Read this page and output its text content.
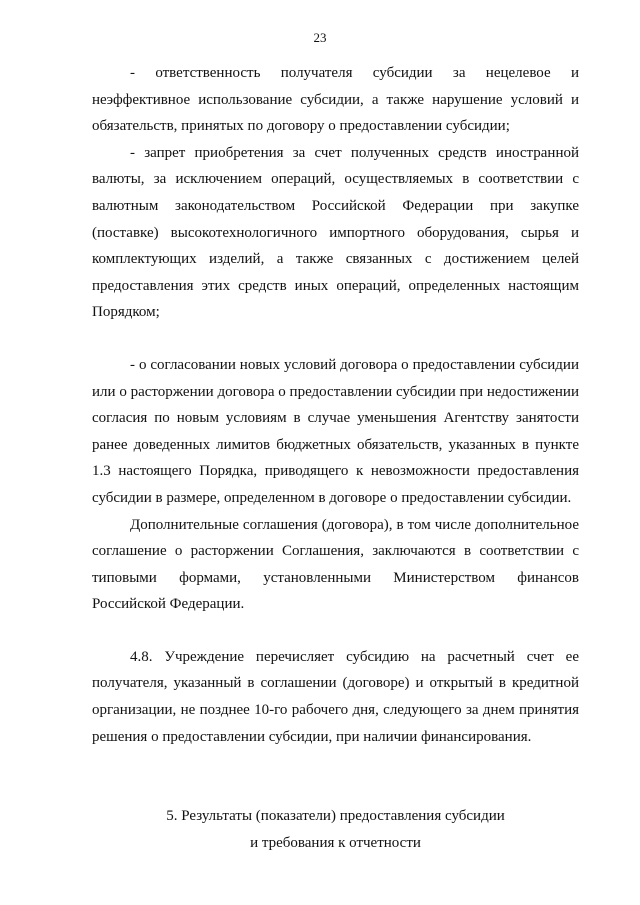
23

- ответственность получателя субсидии за нецелевое и неэффективное использование субсидии, а также нарушение условий и обязательств, принятых по договору о предоставлении субсидии;

- запрет приобретения за счет полученных средств иностранной валюты, за исключением операций, осуществляемых в соответствии с валютным законодательством Российской Федерации при закупке (поставке) высокотехнологичного импортного оборудования, сырья и комплектующих изделий, а также связанных с достижением целей предоставления этих средств иных операций, определенных настоящим Порядком;

- о согласовании новых условий договора о предоставлении субсидии или о расторжении договора о предоставлении субсидии при недостижении согласия по новым условиям в случае уменьшения Агентству занятости ранее доведенных лимитов бюджетных обязательств, указанных в пункте 1.3 настоящего Порядка, приводящего к невозможности предоставления субсидии в размере, определенном в договоре о предоставлении субсидии.

Дополнительные соглашения (договора), в том числе дополнительное соглашение о расторжении Соглашения, заключаются в соответствии с типовыми формами, установленными Министерством финансов Российской Федерации.

4.8. Учреждение перечисляет субсидию на расчетный счет ее получателя, указанный в соглашении (договоре) и открытый в кредитной организации, не позднее 10-го рабочего дня, следующего за днем принятия решения о предоставлении субсидии, при наличии финансирования.

5. Результаты (показатели) предоставления субсидии

и требования к отчетности
